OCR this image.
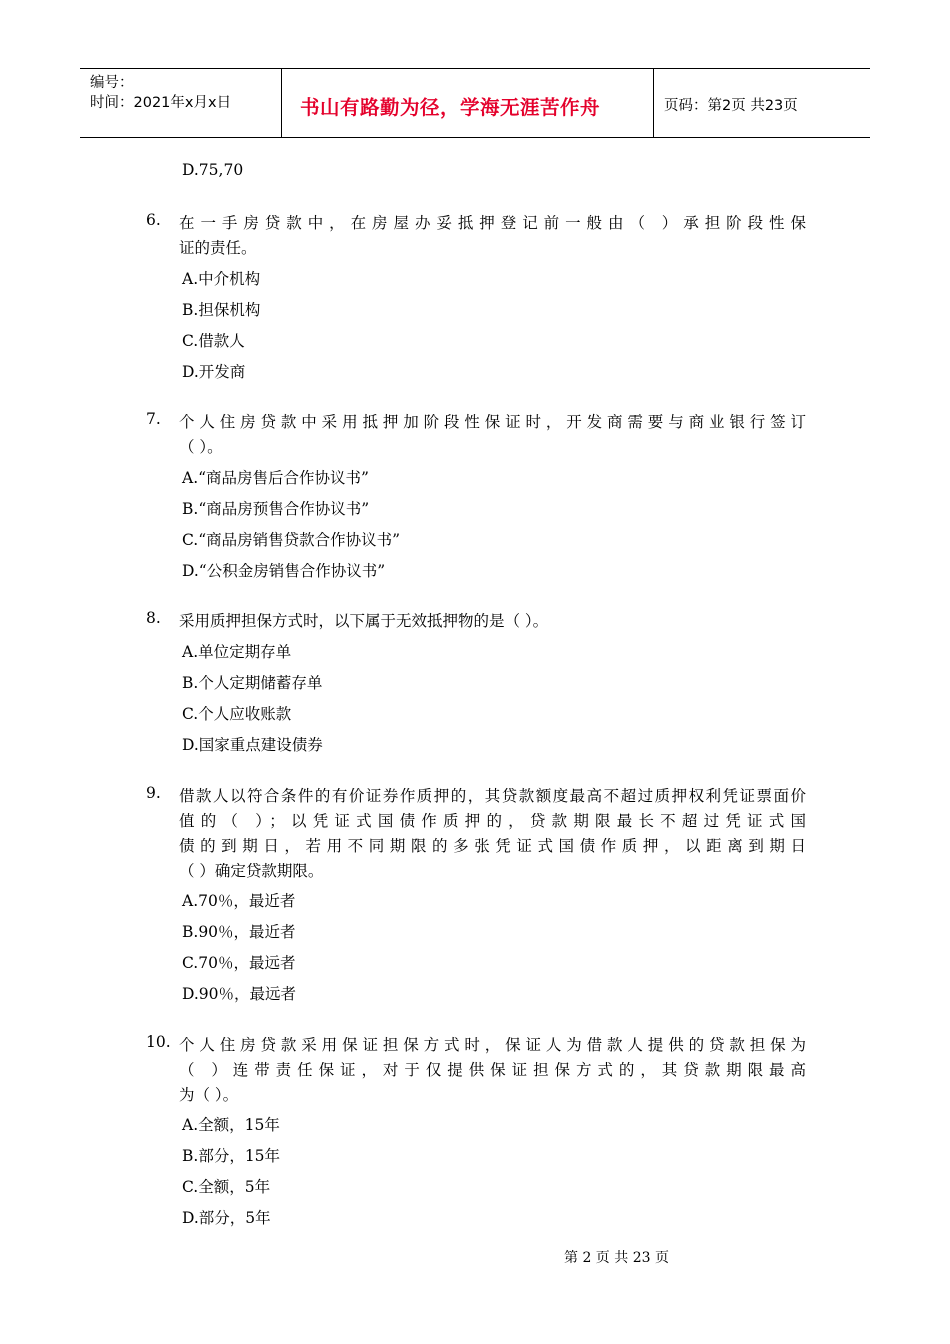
编号：
时间：2021年x月x日	书山有路勤为径，学海无涯苦作舟	页码：第2页 共23页
D.75,70
6. 在一手房贷款中，在房屋办妥抵押登记前一般由（ ）承担阶段性保
证的责任。
A.中介机构
B.担保机构
C.借款人
D.开发商
7. 个人住房贷款中采用抵押加阶段性保证时，开发商需要与商业银行签订
（ ）。
A.“商品房售后合作协议书”
B.“商品房预售合作协议书”
C.“商品房销售贷款合作协议书”
D.“公积金房销售合作协议书”
8. 采用质押担保方式时，以下属于无效抵押物的是（ ）。
A.单位定期存单
B.个人定期储蓄存单
C.个人应收账款
D.国家重点建设债券
9. 借款人以符合条件的有价证券作质押的，其贷款额度最高不超过质押权利凭证票面价
值的（ ）；以凭证式国债作质押的，贷款期限最长不超过凭证式国
债的到期日，若用不同期限的多张凭证式国债作质押，以距离到期日
（ ）确定贷款期限。
A.70％，最近者
B.90％，最近者
C.70％，最远者
D.90％，最远者
10. 个人住房贷款采用保证担保方式时，保证人为借款人提供的贷款担保为
（ ）连带责任保证，对于仅提供保证担保方式的，其贷款期限最高
为（ ）。
A.全额，15年
B.部分，15年
C.全额，5年
D.部分，5年
第 2 页 共 23 页
